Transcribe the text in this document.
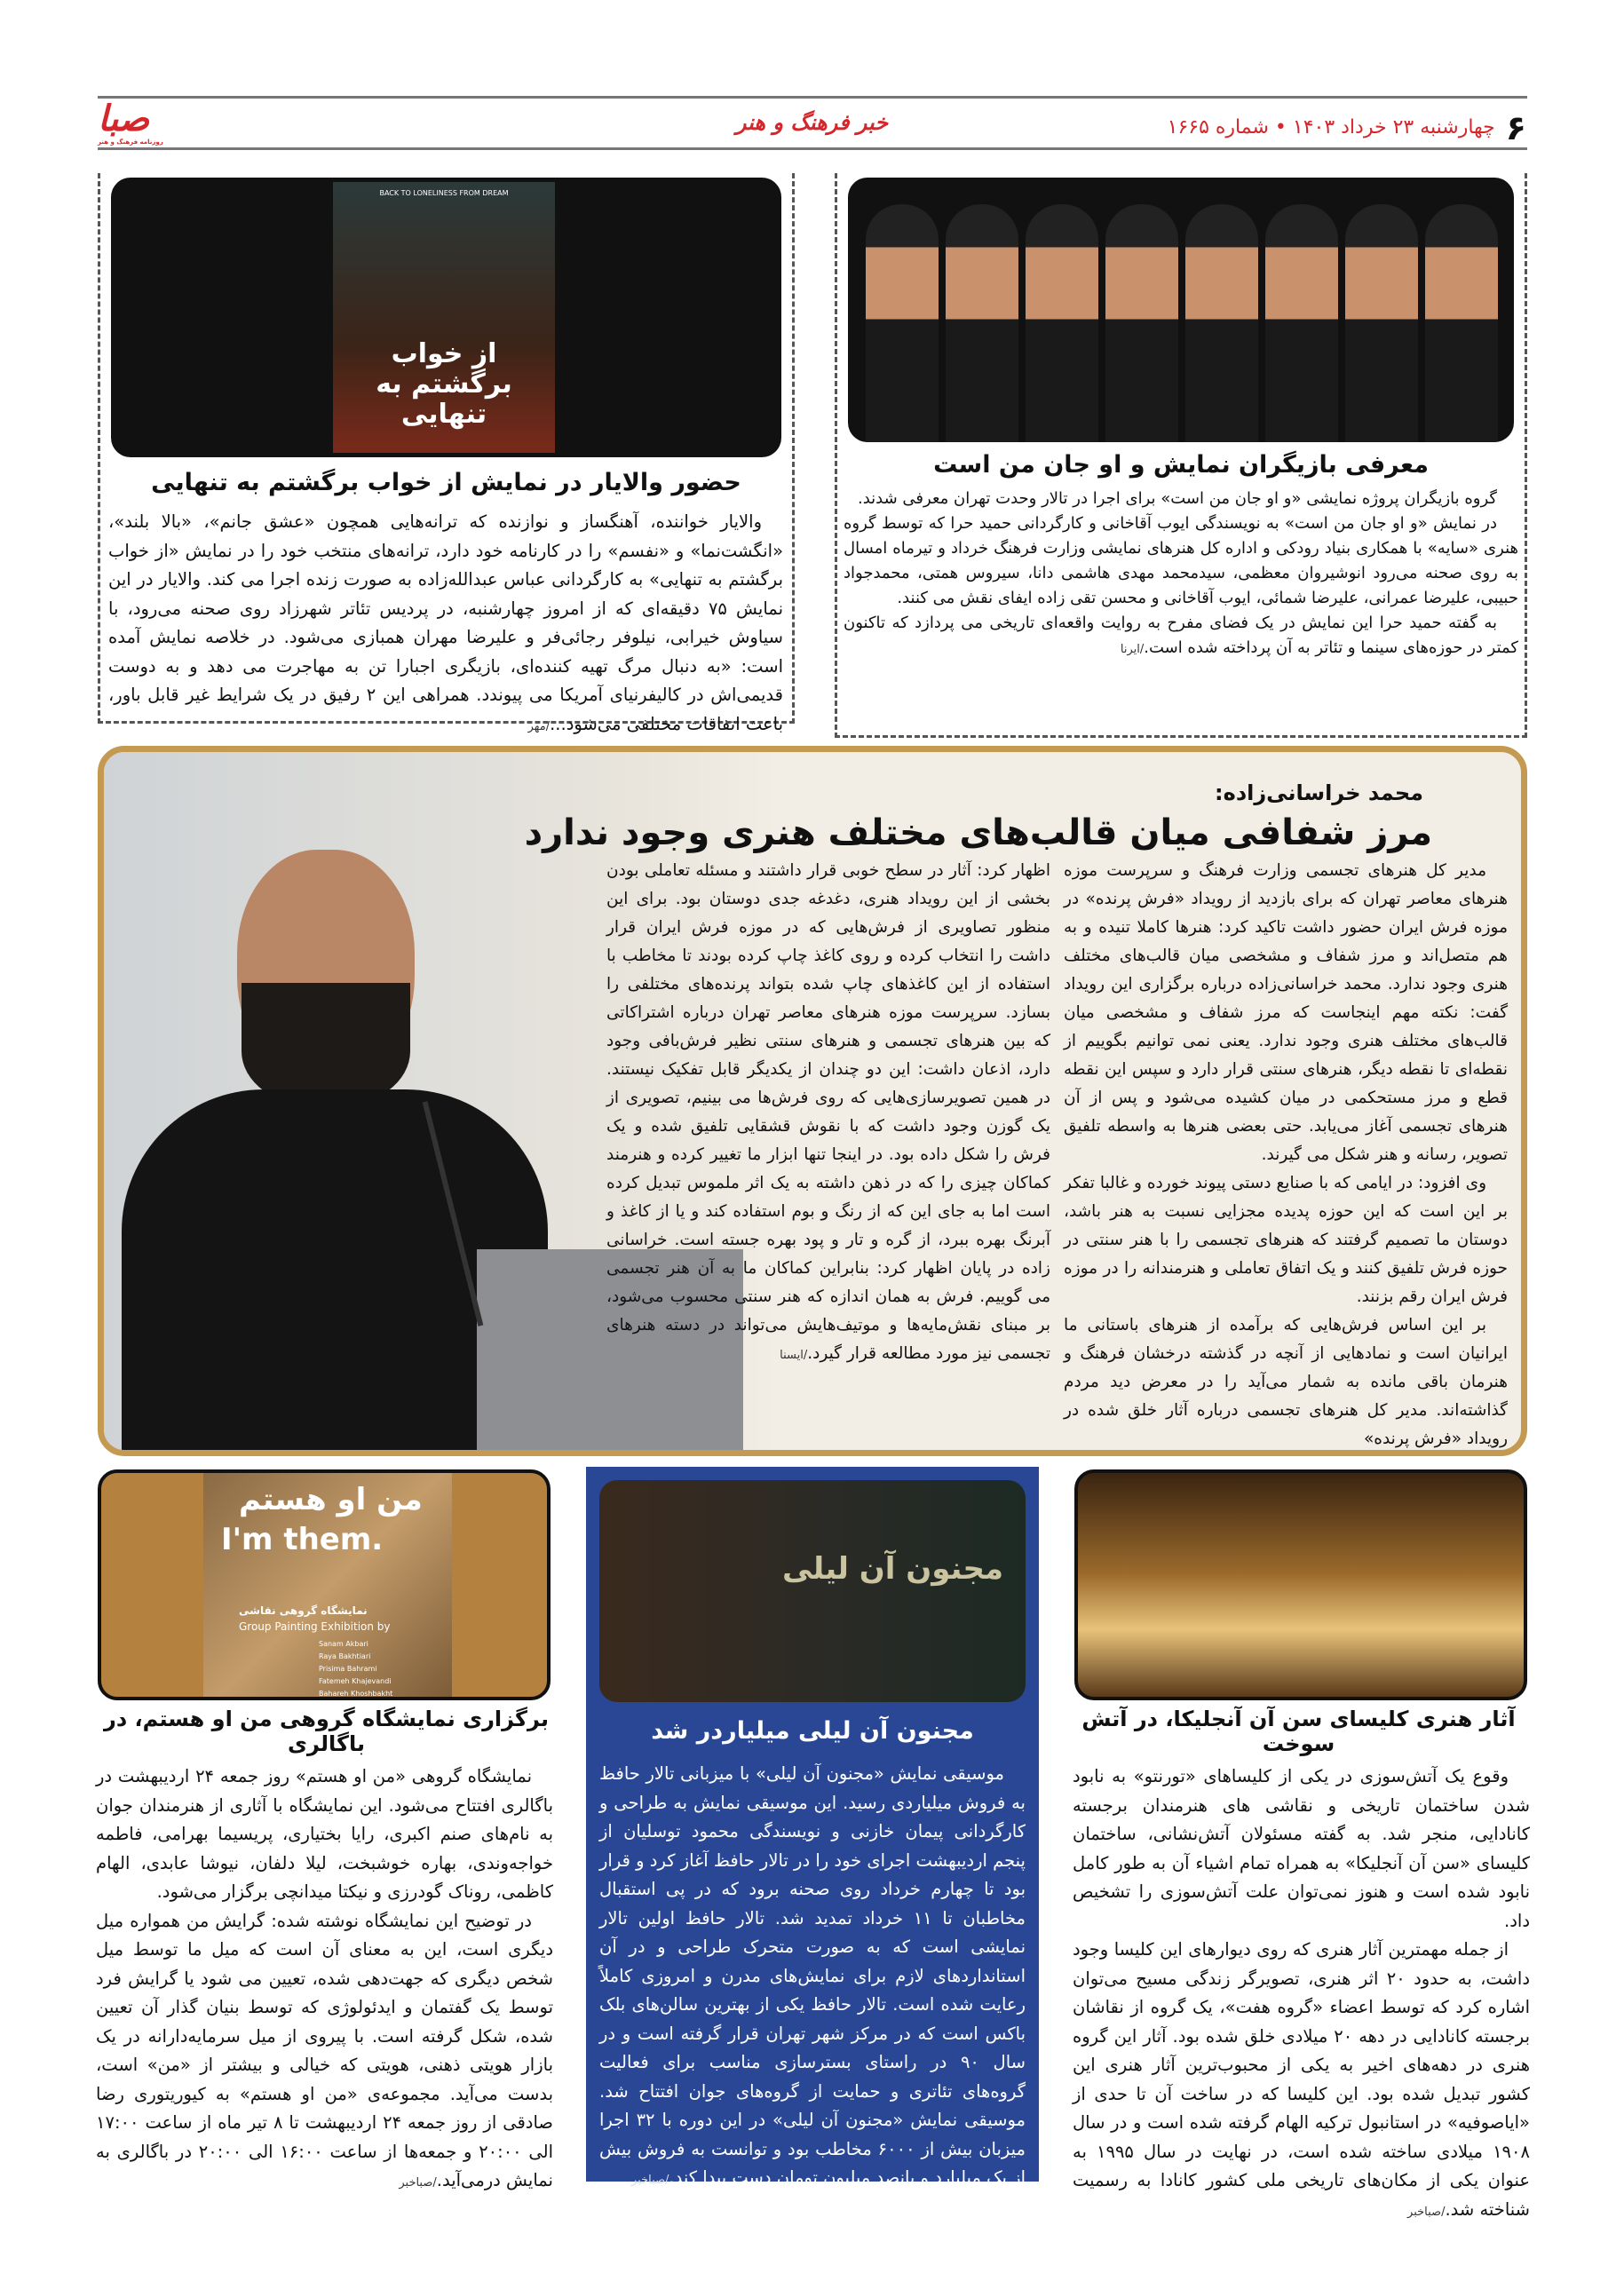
صبا
روزنامه فرهنگ و هنر
خبر فرهنگ و هنر	۶چهارشنبه ۲۳ خرداد ۱۴۰۳ • شماره ۱۶۶۵
معرفی بازیگران نمایش و او جان من است

گروه بازیگران پروژه نمایشی «و او جان من است» برای اجرا در تالار وحدت تهران معرفی شدند.

در نمایش «و او جان من است» به نویسندگی ایوب آقاخانی و کارگردانی حمید حرا که توسط گروه هنری «سایه» با همکاری بنیاد رودکی و اداره کل هنرهای نمایشی وزارت فرهنگ خرداد و تیرماه امسال به روی صحنه می‌رود انوشیروان معظمی، سیدمحمد مهدی هاشمی دانا، سیروس همتی، محمدجواد حبیبی، علیرضا عمرانی، علیرضا شمائی، ایوب آقاخانی و محسن تقی زاده ایفای نقش می کنند.

به گفته حمید حرا این نمایش در یک فضای مفرح به روایت واقعه‌ای تاریخی می پردازد که تاکنون کمتر در حوزه‌های سینما و تئاتر به آن پرداخته شده است./ایرنا

BACK TO LONELINESS FROM DREAM
از خواب برگشتم به تنهایی
حضور والایار در نمایش از خواب برگشتم به تنهایی

والایار خواننده، آهنگساز و نوازنده که ترانه‌هایی همچون «عشق جانم»، «بالا بلند»، «انگشت‌نما» و «نفسم» را در کارنامه خود دارد، ترانه‌های منتخب خود را در نمایش «از خواب برگشتم به تنهایی» به کارگردانی عباس عبدالله‌زاده به صورت زنده اجرا می کند. والایار در این نمایش ۷۵ دقیقه‌ای که از امروز چهارشنبه، در پردیس تئاتر شهرزاد روی صحنه می‌رود، با سیاوش خیرابی، نیلوفر رجائی‌فر و علیرضا مهران همبازی می‌شود. در خلاصه نمایش آمده است: «به دنبال مرگ تهیه کننده‌ای، بازیگری اجبارا تن به مهاجرت می دهد و به دوست قدیمی‌اش در کالیفرنیای آمریکا می پیوندد. همراهی این ۲ رفیق در یک شرایط غیر قابل باور، باعث اتفاقات مختلفی می‌شود.../مهر

محمد خراسانی‌زاده:
مرز شفافی میان قالب‌های مختلف هنری وجود ندارد

مدیر کل هنرهای تجسمی وزارت فرهنگ و سرپرست موزه هنرهای معاصر تهران که برای بازدید از رویداد «فرش پرنده» در موزه فرش ایران حضور داشت تاکید کرد: هنرها کاملا تنیده و به هم متصل‌اند و مرز شفاف و مشخصی میان قالب‌های مختلف هنری وجود ندارد. محمد خراسانی‌زاده درباره برگزاری این رویداد گفت: نکته مهم اینجاست که مرز شفاف و مشخصی میان قالب‌های مختلف هنری وجود ندارد. یعنی نمی توانیم بگوییم از نقطه‌ای تا نقطه دیگر، هنرهای سنتی قرار دارد و سپس این نقطه قطع و مرز مستحکمی در میان کشیده می‌شود و پس از آن هنرهای تجسمی آغاز می‌یابد. حتی بعضی هنرها به واسطه تلفیق تصویر، رسانه و هنر شکل می گیرند.

وی افزود: در ایامی که با صنایع دستی پیوند خورده و غالبا تفکر بر این است که این حوزه پدیده مجزایی نسبت به هنر باشد، دوستان ما تصمیم گرفتند که هنرهای تجسمی را با هنر سنتی در حوزه فرش تلفیق کنند و یک اتفاق تعاملی و هنرمندانه را در موزه فرش ایران رقم بزنند.

بر این اساس فرش‌هایی که برآمده از هنرهای باستانی ما ایرانیان است و نمادهایی از آنچه در گذشته درخشان فرهنگ و هنرمان باقی مانده به شمار می‌آید را در معرض دید مردم گذاشته‌اند. مدیر کل هنرهای تجسمی درباره آثار خلق شده در رویداد «فرش پرنده»

اظهار کرد: آثار در سطح خوبی قرار داشتند و مسئله تعاملی بودن بخشی از این رویداد هنری، دغدغه جدی دوستان بود. برای این منظور تصاویری از فرش‌هایی که در موزه فرش ایران قرار داشت را انتخاب کرده و روی کاغذ چاپ کرده بودند تا مخاطب با استفاده از این کاغذهای چاپ شده بتواند پرنده‌های مختلفی را بسازد. سرپرست موزه هنرهای معاصر تهران درباره اشتراکاتی که بین هنرهای تجسمی و هنرهای سنتی نظیر فرش‌بافی وجود دارد، اذعان داشت: این دو چندان از یکدیگر قابل تفکیک نیستند. در همین تصویرسازی‌هایی که روی فرش‌ها می بینیم، تصویری از یک گوزن وجود داشت که با نقوش قشقایی تلفیق شده و یک فرش را شکل داده بود. در اینجا تنها ابزار ما تغییر کرده و هنرمند کماکان چیزی را که در ذهن داشته به یک اثر ملموس تبدیل کرده است اما به جای این که از رنگ و بوم استفاده کند و یا از کاغذ و آبرنگ بهره ببرد، از گره و تار و پود بهره جسته است. خراسانی زاده در پایان اظهار کرد: بنابراین کماکان ما به آن هنر تجسمی می گوییم. فرش به همان اندازه که هنر سنتی محسوب می‌شود، بر مبنای نقش‌مایه‌ها و موتیف‌هایش می‌تواند در دسته هنرهای تجسمی نیز مورد مطالعه قرار گیرد./ایسنا
آثار هنری کلیسای سن آن آنجلیکا، در آتش سوخت

وقوع یک آتش‌سوزی در یکی از کلیساهای «تورنتو» به نابود شدن ساختمان تاریخی و نقاشی های هنرمندان برجسته کانادایی، منجر شد. به گفته مسئولان آتش‌نشانی، ساختمان کلیسای «سن آن آنجلیکا» به همراه تمام اشیاء آن به طور کامل نابود شده است و هنوز نمی‌توان علت آتش‌سوزی را تشخیص داد.

از جمله مهمترین آثار هنری که روی دیوارهای این کلیسا وجود داشت، به حدود ۲۰ اثر هنری، تصویرگر زندگی مسیح می‌توان اشاره کرد که توسط اعضاء «گروه هفت»، یک گروه از نقاشان برجسته کانادایی در دهه ۲۰ میلادی خلق شده بود. آثار این گروه هنری در دهه‌های اخیر به یکی از محبوب‌ترین آثار هنری این کشور تبدیل شده بود. این کلیسا که در ساخت آن تا حدی از «ایاصوفیه» در استانبول ترکیه الهام گرفته شده است و در سال ۱۹۰۸ میلادی ساخته شده است، در نهایت در سال ۱۹۹۵ به عنوان یکی از مکان‌های تاریخی ملی کشور کانادا به رسمیت شناخته شد./صباخبر

مجنون آن لیلی
مجنون آن لیلی میلیارد‌ر شد

موسیقی نمایش «مجنون آن لیلی» با میزبانی تالار حافظ به فروش میلیاردی رسید. این موسیقی نمایش به طراحی و کارگردانی پیمان خازنی و نویسندگی محمود توسلیان از پنجم اردیبهشت اجرای خود را در تالار حافظ آغاز کرد و قرار بود تا چهارم خرداد روی صحنه برود که در پی استقبال مخاطبان تا ۱۱ خرداد تمدید شد. تالار حافظ اولین تالار نمایشی است که به صورت متحرک طراحی و در آن استانداردهای لازم برای نمایش‌های مدرن و امروزی کاملاً رعایت شده است. تالار حافظ یکی از بهترین سالن‌های بلک باکس است که در مرکز شهر تهران قرار گرفته است و در سال ۹۰ در راستای بسترسازی مناسب برای فعالیت گروه‌های تئاتری و حمایت از گروه‌های جوان افتتاح شد. موسیقی نمایش «مجنون آن لیلی» در این دوره با ۳۲ اجرا میزبان بیش از ۶۰۰۰ مخاطب بود و توانست به فروش بیش از یک میلیارد و پانصد میلیون تومان دست پیدا کند./صباخبر

من او هستم
I'm them.
نمایشگاه گروهی نقاشی
Group Painting Exhibition by
Sanam Akbari
Raya Bakhtiari
Prisima Bahrami
Fatemeh Khajevandi
Bahareh Khoshbakht
برگزاری نمایشگاه گروهی من او هستم، در باگالری

نمایشگاه گروهی «من او هستم» روز جمعه ۲۴ اردیبهشت در باگالری افتتاح می‌شود. این نمایشگاه با آثاری از هنرمندان جوان به نام‌های صنم اکبری، رایا بختیاری، پریسیما بهرامی، فاطمه خواجه‌وندی، بهاره خوشبخت، لیلا دلفان، نیوشا عابدی، الهام کاظمی، روناک گودرزی و نیکتا میدانچی برگزار می‌شود.

در توضیح این نمایشگاه نوشته شده: گرایش من همواره میل دیگری است، این به معنای آن است که میل ما توسط میل شخص دیگری که جهت‌دهی شده، تعیین می شود یا گرایش فرد توسط یک گفتمان و ایدئولوژی که توسط بنیان گذار آن تعیین شده، شکل گرفته است. با پیروی از میل سرمایه‌دارانه در یک بازار هویتی ذهنی، هویتی که خیالی و بیشتر از «من» است، بدست می‌آید. مجموعه‌ی «من او هستم» به کیوریتوری رضا صادقی از روز جمعه ۲۴ اردیبهشت تا ۸ تیر ماه از ساعت ۱۷:۰۰ الی ۲۰:۰۰ و جمعه‌ها از ساعت ۱۶:۰۰ الی ۲۰:۰۰ در باگالری به نمایش درمی‌آید./صباخبر
